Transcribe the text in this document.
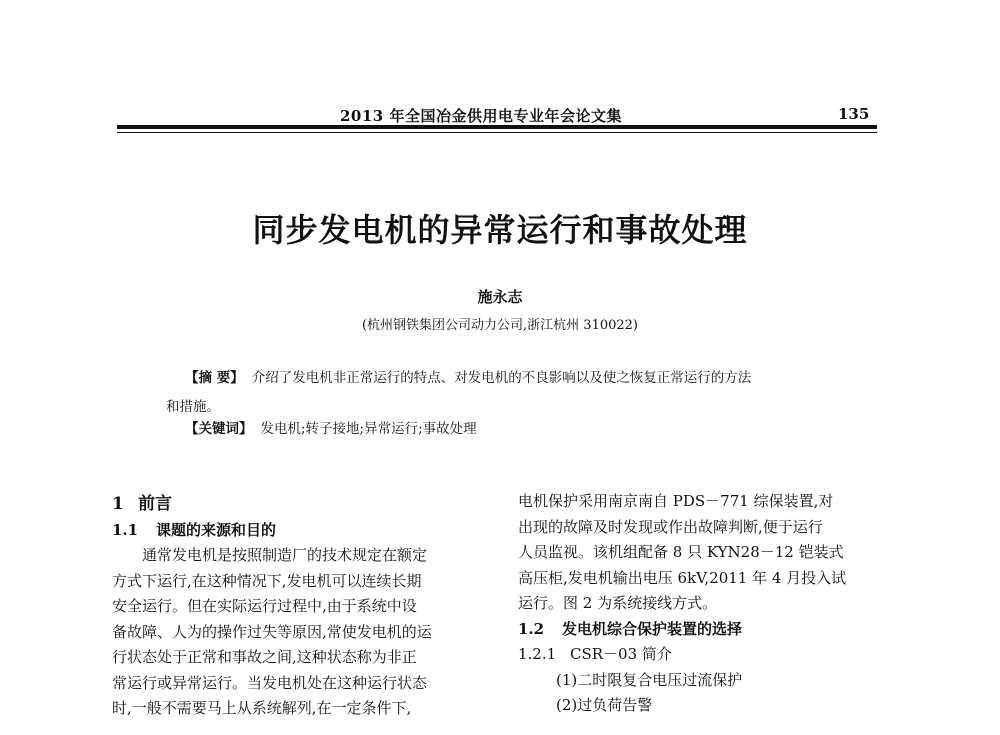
2013 年全国冶金供用电专业年会论文集	135
同步发电机的异常运行和事故处理
施永志
(杭州钢铁集团公司动力公司,浙江杭州 310022)
【摘 要】 介绍了发电机非正常运行的特点、对发电机的不良影响以及使之恢复正常运行的方法
和措施。
【关键词】 发电机;转子接地;异常运行;事故处理
1 前言
1.1 课题的来源和目的
通常发电机是按照制造厂的技术规定在额定
方式下运行,在这种情况下,发电机可以连续长期
安全运行。但在实际运行过程中,由于系统中设
备故障、人为的操作过失等原因,常使发电机的运
行状态处于正常和事故之间,这种状态称为非正
常运行或异常运行。当发电机处在这种运行状态
时,一般不需要马上从系统解列,在一定条件下,
电机保护采用南京南自 PDS－771 综保装置,对
出现的故障及时发现或作出故障判断,便于运行
人员监视。该机组配备 8 只 KYN28－12 铠装式
高压柜,发电机输出电压 6kV,2011 年 4 月投入试
运行。图 2 为系统接线方式。
1.2 发电机综合保护装置的选择
1.2.1 CSR－03 简介
(1)二时限复合电压过流保护
(2)过负荷告警
